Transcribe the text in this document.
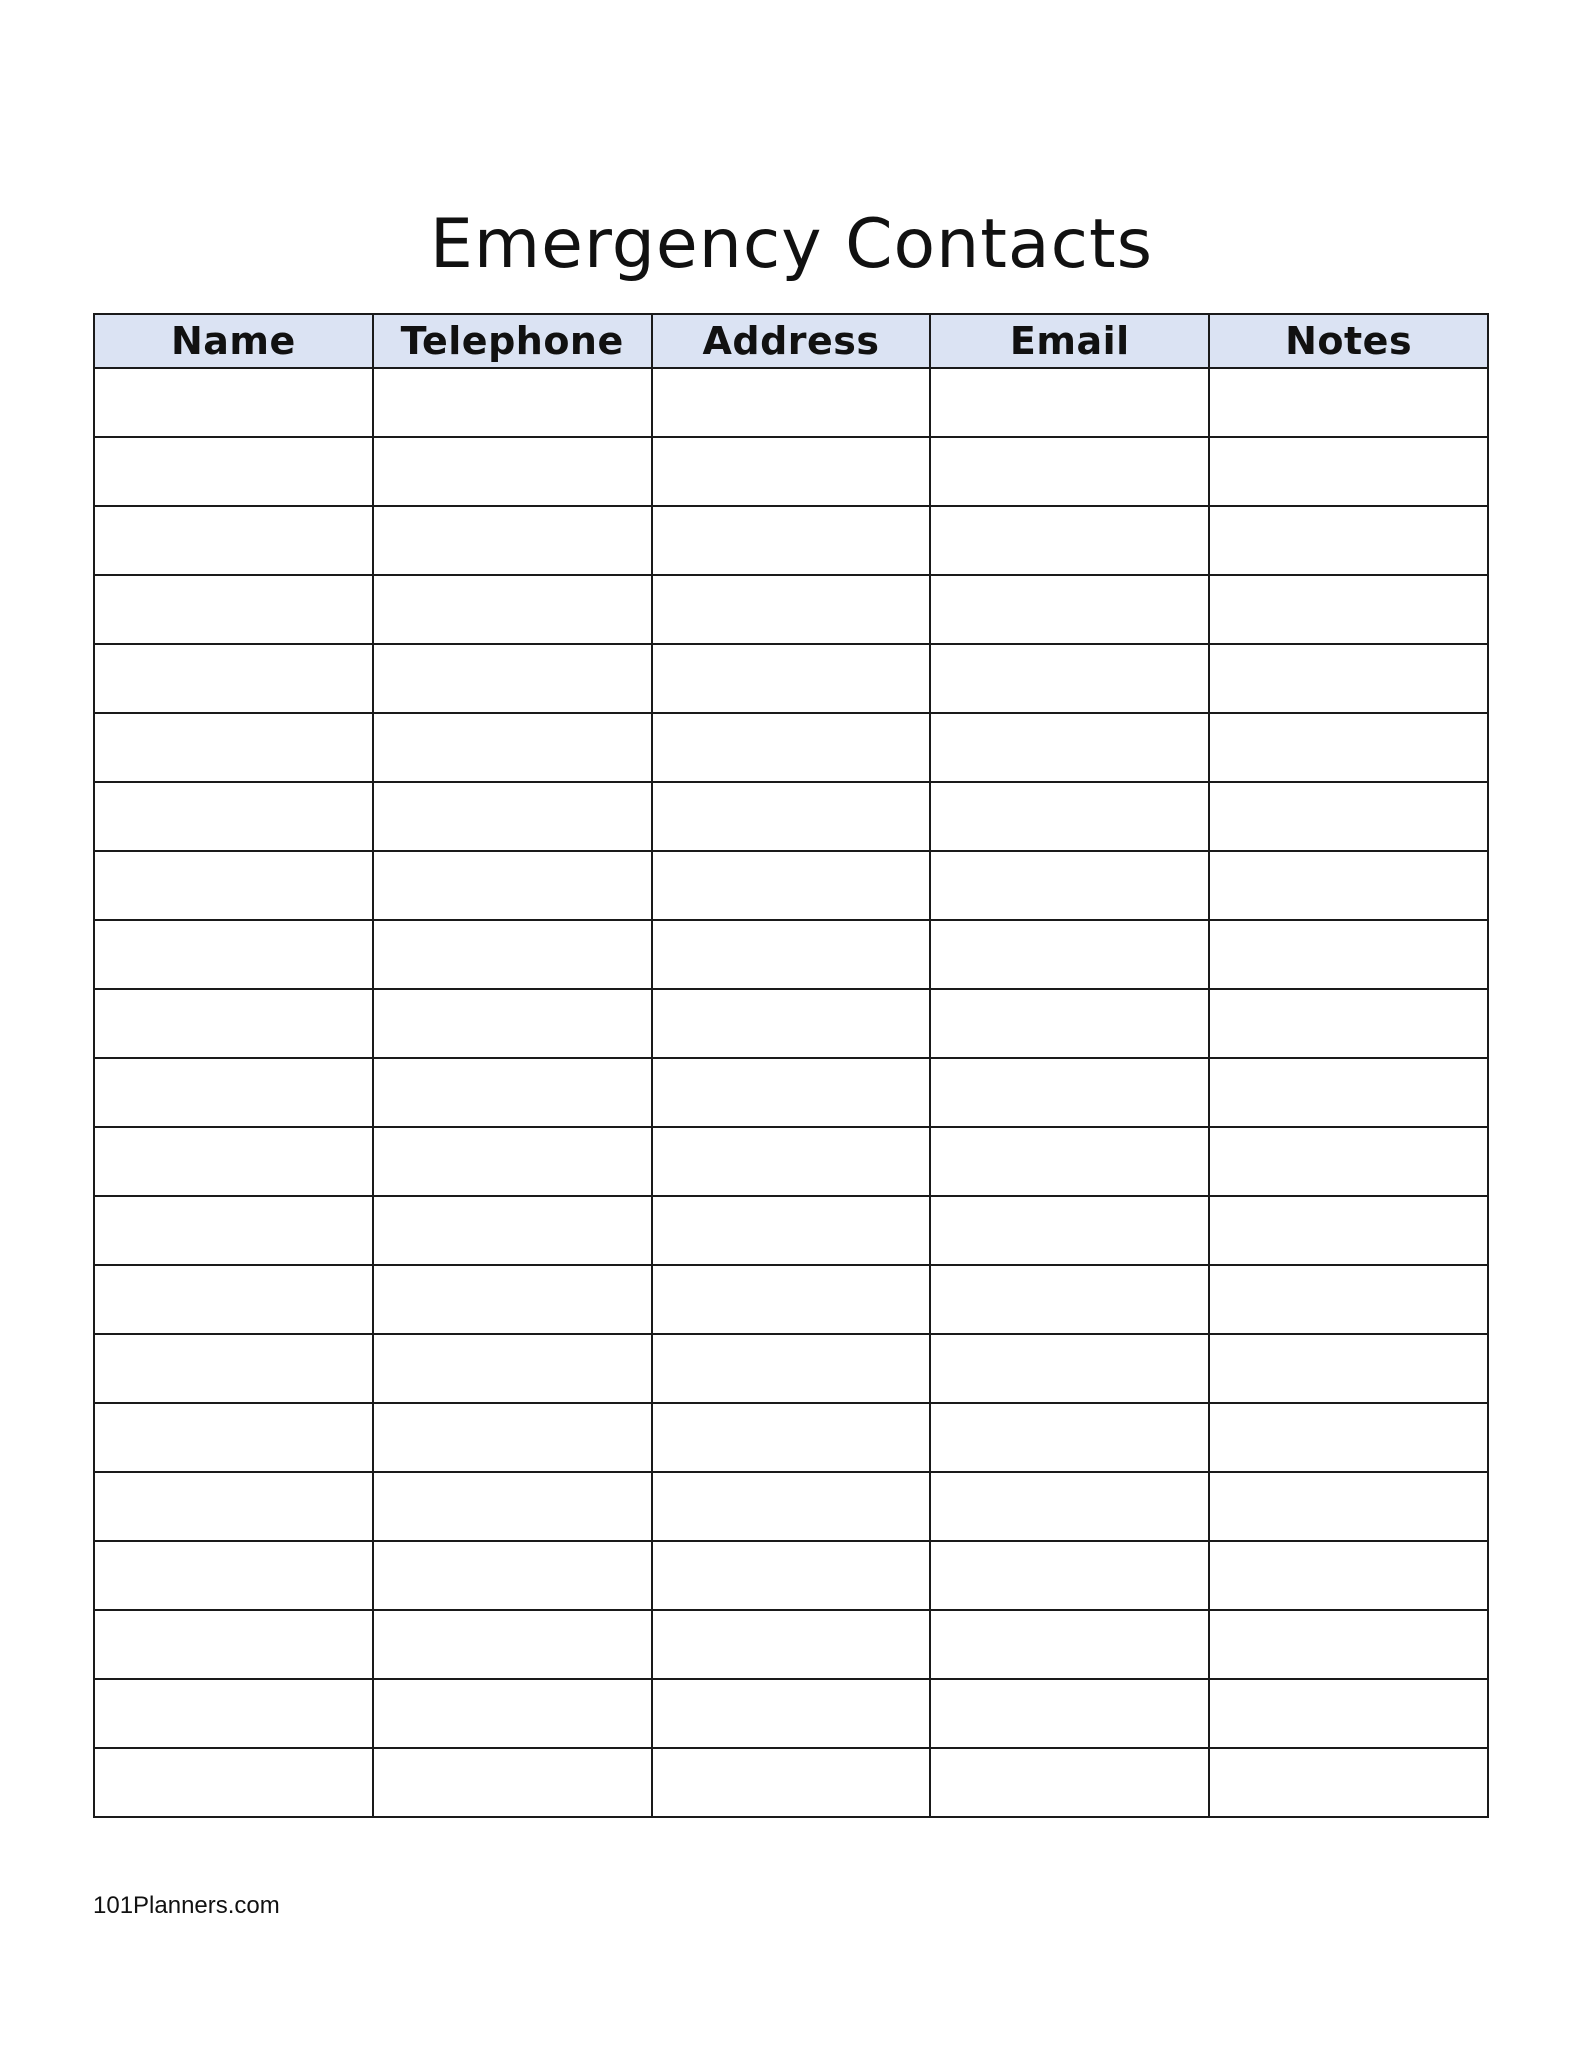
Emergency Contacts
Name	Telephone	Address	Email	Notes

101Planners.com
